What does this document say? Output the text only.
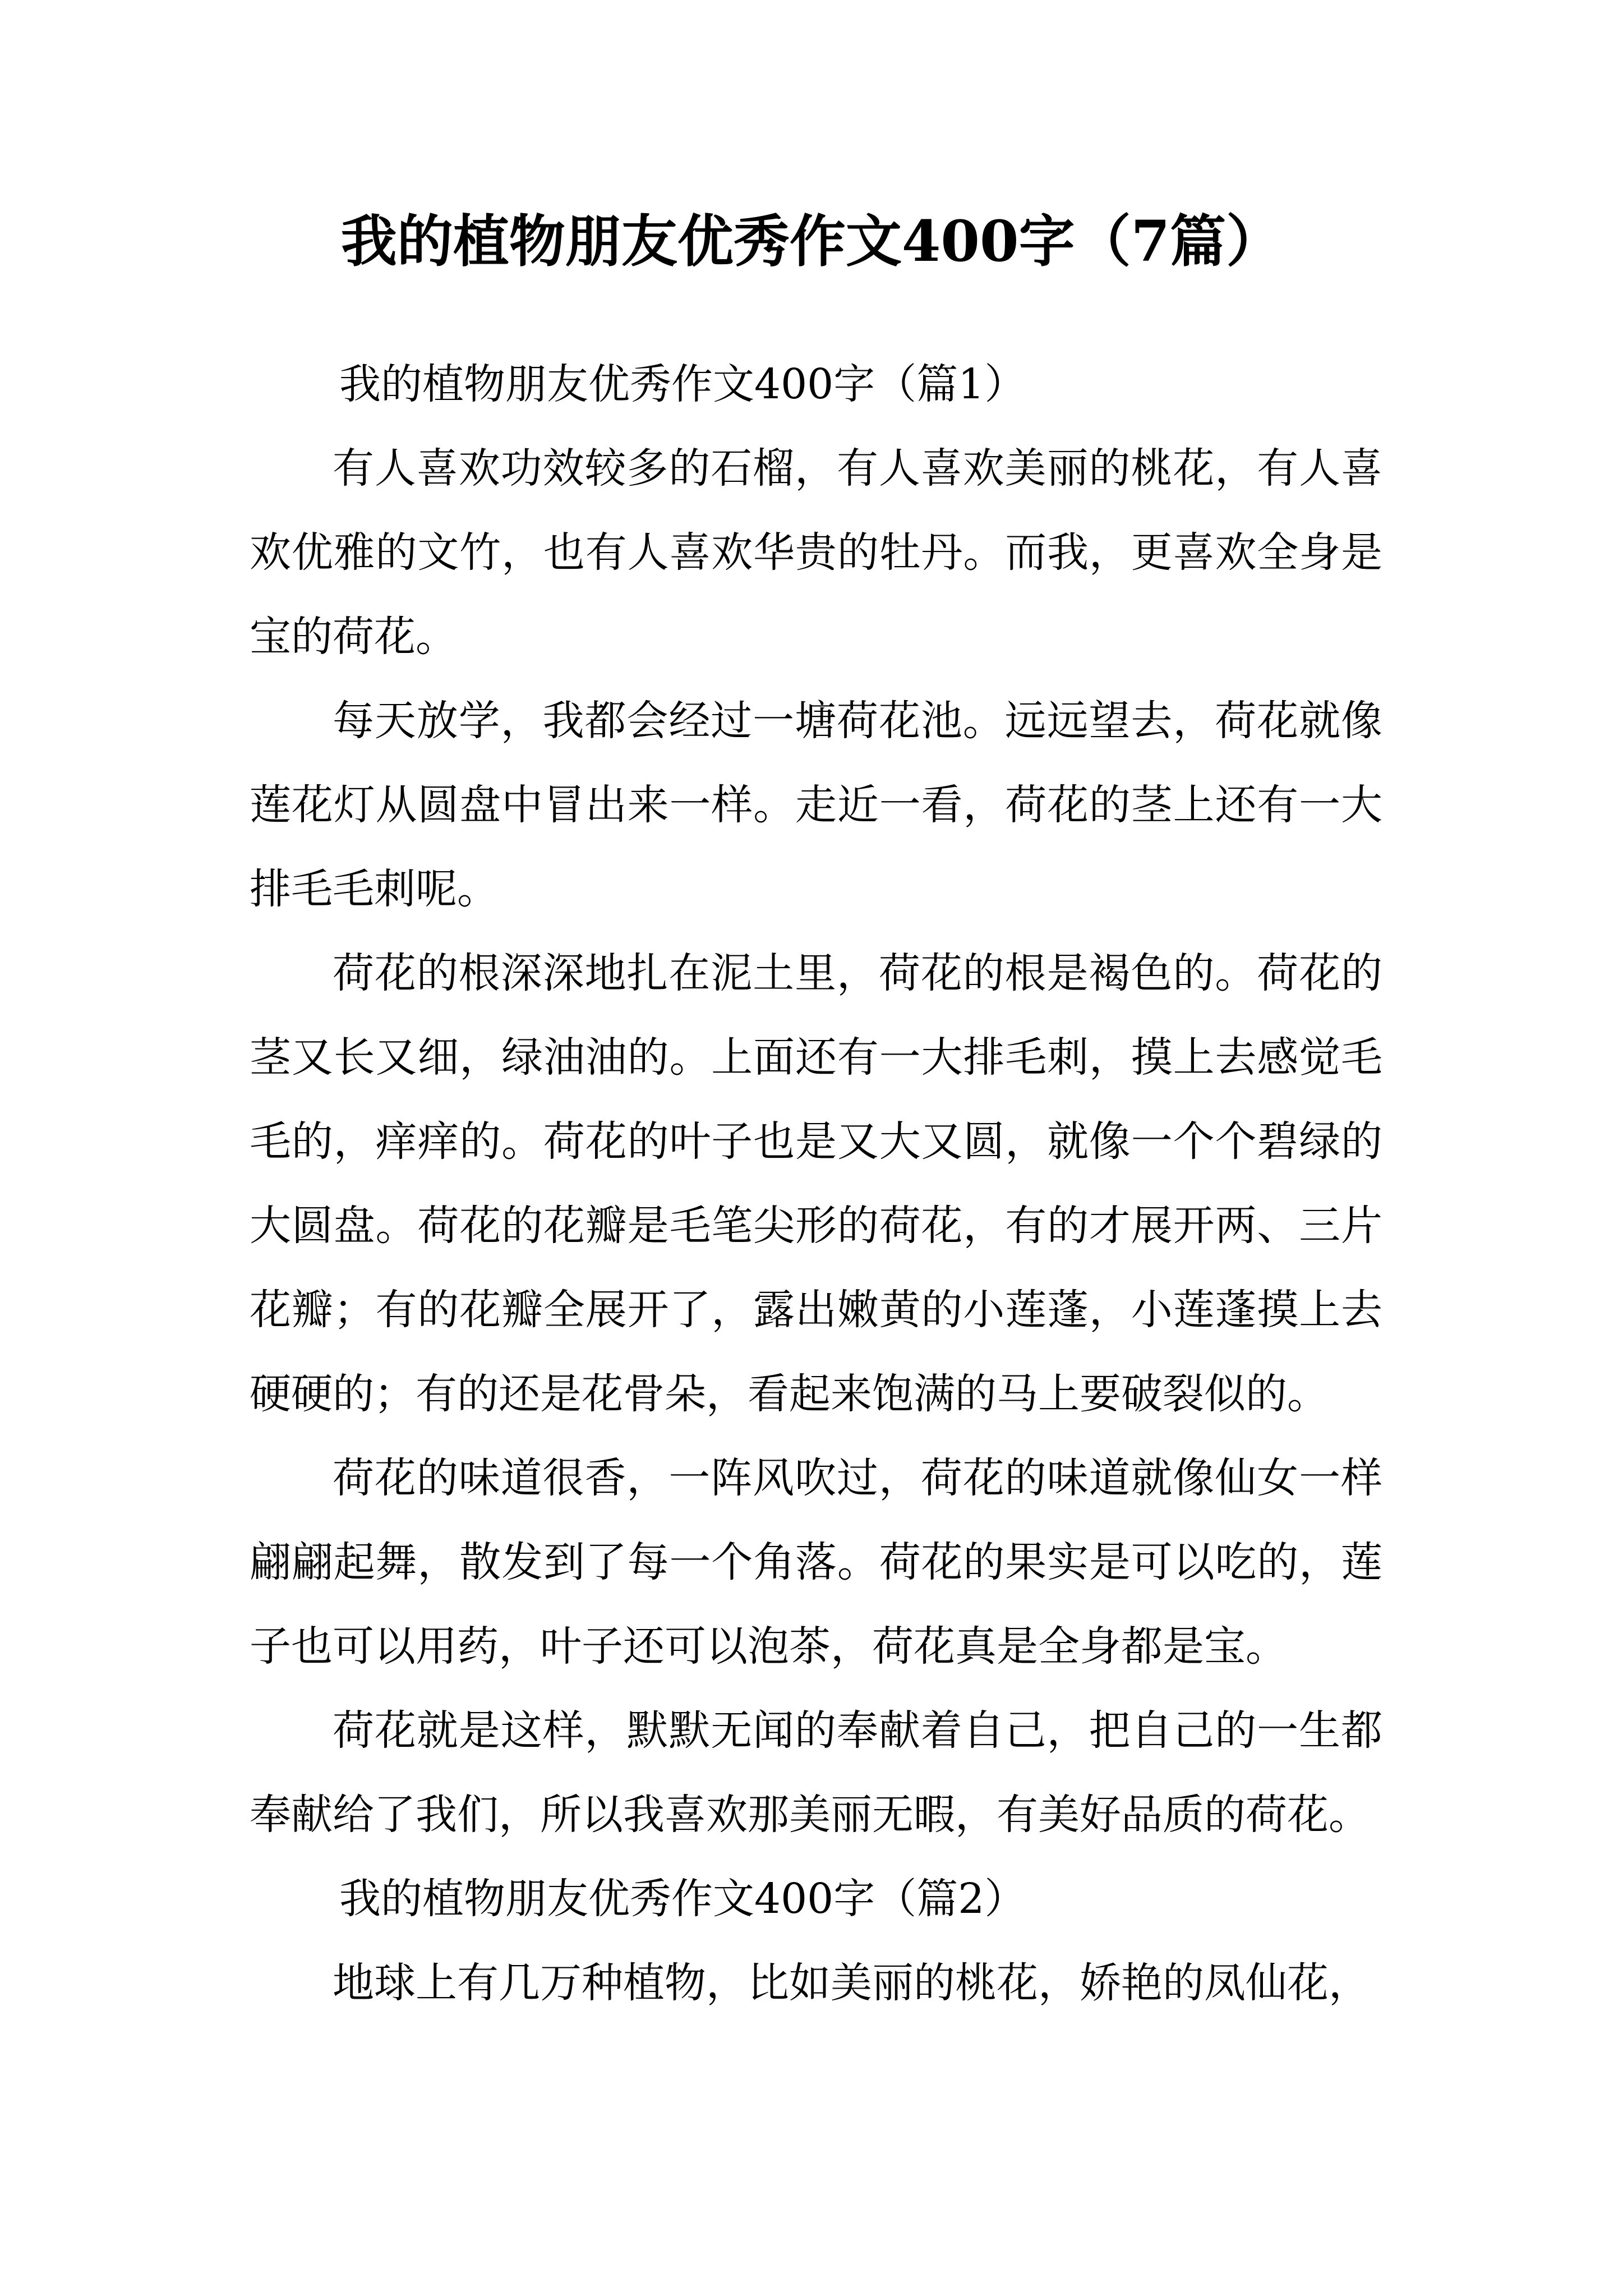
我的植物朋友优秀作文400字（7篇）

我的植物朋友优秀作文400字（篇1）

有人喜欢功效较多的石榴，有人喜欢美丽的桃花，有人喜欢优雅的文竹，也有人喜欢华贵的牡丹。而我，更喜欢全身是宝的荷花。

每天放学，我都会经过一塘荷花池。远远望去，荷花就像莲花灯从圆盘中冒出来一样。走近一看，荷花的茎上还有一大排毛毛刺呢。

荷花的根深深地扎在泥土里，荷花的根是褐色的。荷花的茎又长又细，绿油油的。上面还有一大排毛刺，摸上去感觉毛毛的，痒痒的。荷花的叶子也是又大又圆，就像一个个碧绿的大圆盘。荷花的花瓣是毛笔尖形的荷花，有的才展开两、三片花瓣；有的花瓣全展开了，露出嫩黄的小莲蓬，小莲蓬摸上去硬硬的；有的还是花骨朵，看起来饱满的马上要破裂似的。

荷花的味道很香，一阵风吹过，荷花的味道就像仙女一样翩翩起舞，散发到了每一个角落。荷花的果实是可以吃的，莲子也可以用药，叶子还可以泡茶，荷花真是全身都是宝。

荷花就是这样，默默无闻的奉献着自己，把自己的一生都奉献给了我们，所以我喜欢那美丽无暇，有美好品质的荷花。

我的植物朋友优秀作文400字（篇2）

地球上有几万种植物，比如美丽的桃花，娇艳的凤仙花，
